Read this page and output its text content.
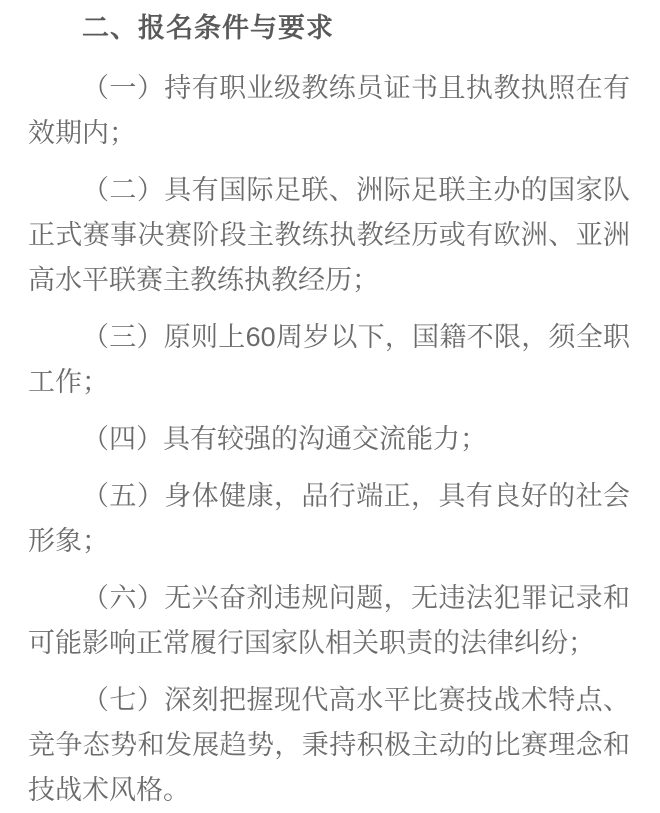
二、报名条件与要求

（一）持有职业级教练员证书且执教执照在有效期内；

（二）具有国际足联、洲际足联主办的国家队正式赛事决赛阶段主教练执教经历或有欧洲、亚洲高水平联赛主教练执教经历；

（三）原则上60周岁以下，国籍不限，须全职工作；

（四）具有较强的沟通交流能力；

（五）身体健康，品行端正，具有良好的社会形象；

（六）无兴奋剂违规问题，无违法犯罪记录和可能影响正常履行国家队相关职责的法律纠纷；

（七）深刻把握现代高水平比赛技战术特点、竞争态势和发展趋势，秉持积极主动的比赛理念和技战术风格。
